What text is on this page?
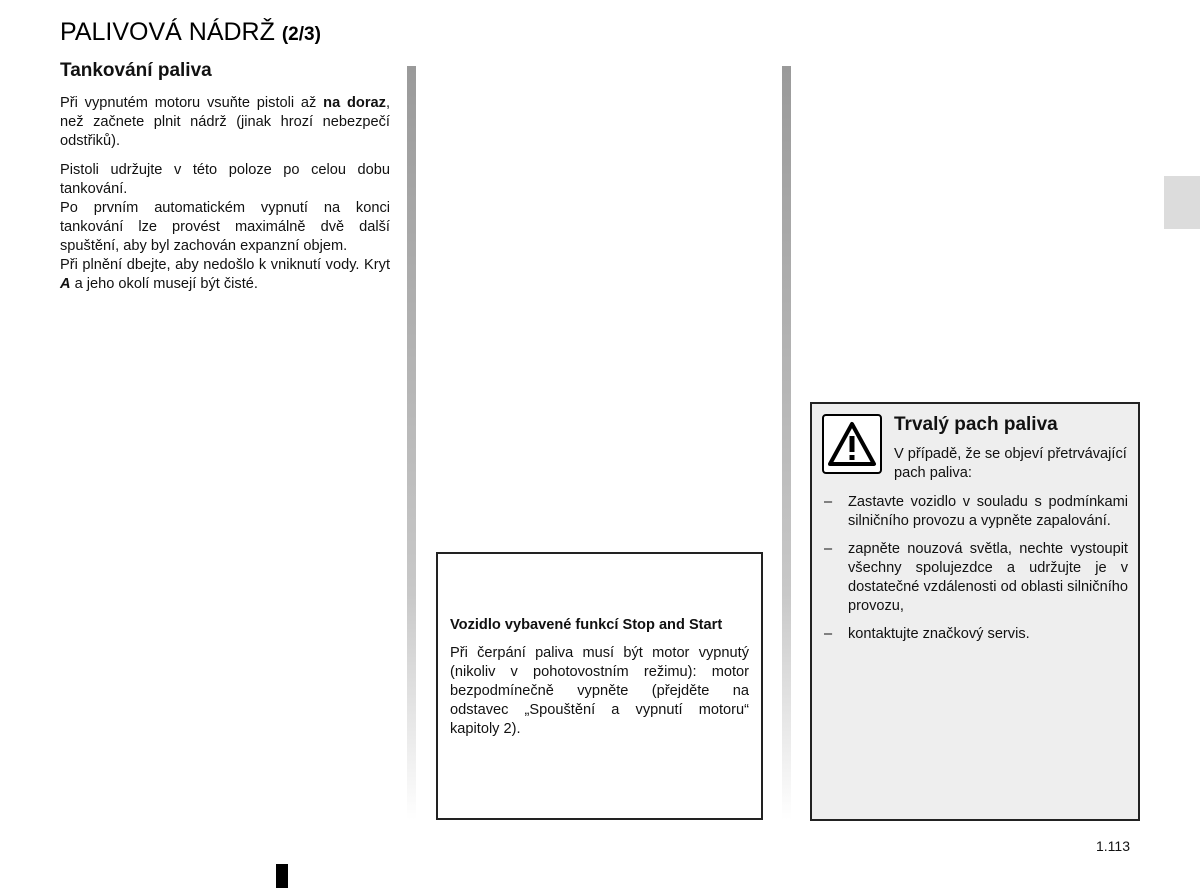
PALIVOVÁ NÁDRŽ (2/3)
Tankování paliva

Při vypnutém motoru vsuňte pistoli až na doraz, než začnete plnit nádrž (jinak hrozí nebezpečí odstřiků).

Pistoli udržujte v této poloze po celou dobu tankování.

Po prvním automatickém vypnutí na konci tankování lze provést maximálně dvě další spuštění, aby byl zachován expanzní objem.

Při plnění dbejte, aby nedošlo k vniknutí vody. Kryt A a jeho okolí musejí být čisté.

Vozidlo vybavené funkcí Stop and Start

Při čerpání paliva musí být motor vypnutý (nikoliv v pohotovostním režimu): motor bezpodmínečně vypněte (přejděte na odstavec „Spouštění a vypnutí motoru“ kapitoly 2).

Trvalý pach paliva
V případě, že se objeví přetrvávající pach paliva:
– Zastavte vozidlo v souladu s podmínkami silničního provozu a vypněte zapalování.
– zapněte nouzová světla, nechte vystoupit všechny spolujezdce a udržujte je v dostatečné vzdálenosti od oblasti silničního provozu,
– kontaktujte značkový servis.
1.113
